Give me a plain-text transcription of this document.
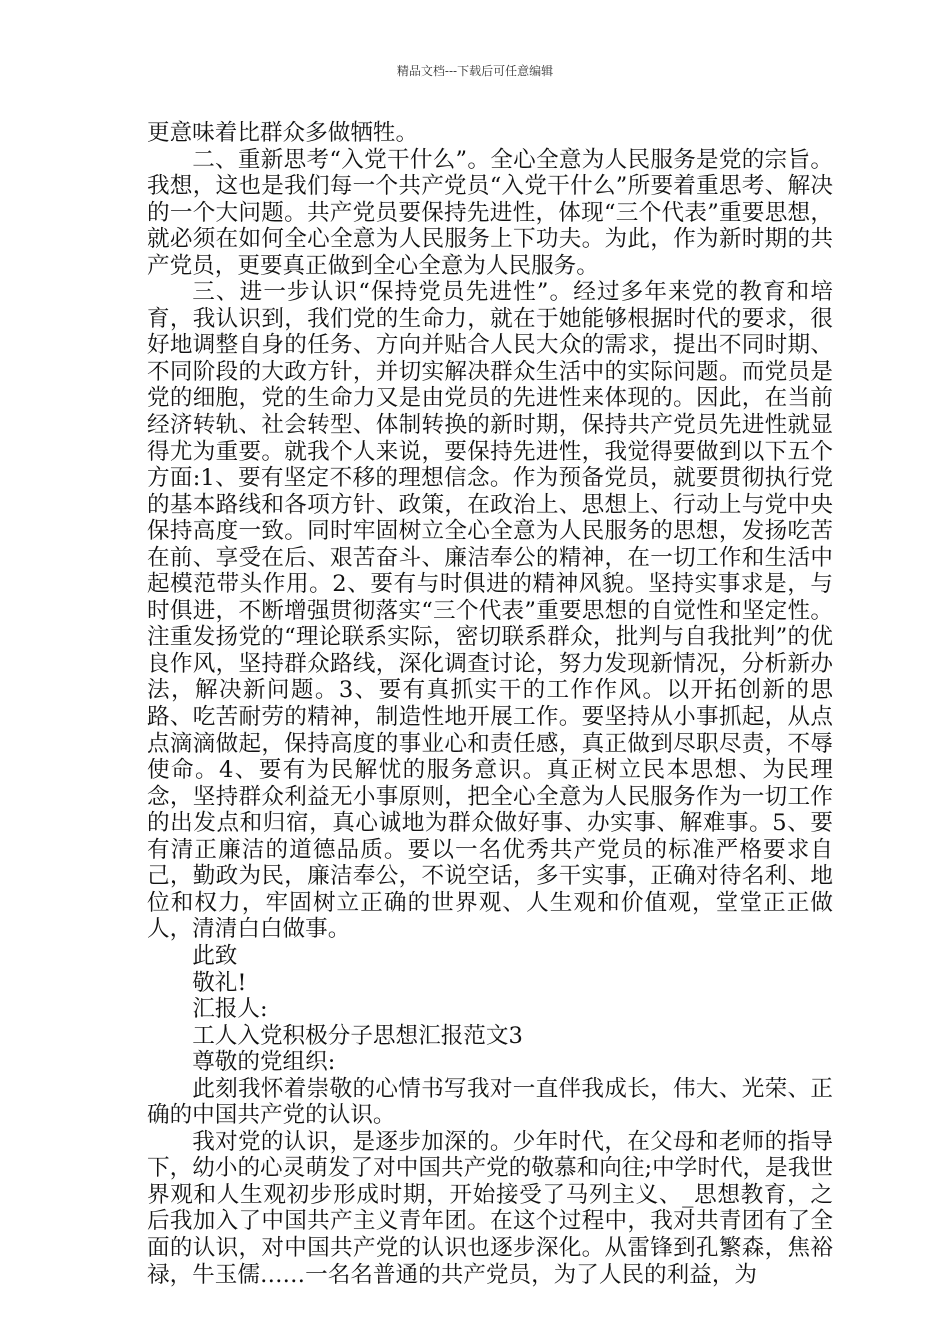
精品文档---下载后可任意编辑

更意味着比群众多做牺牲。

二、重新思考“入党干什么”。全心全意为人民服务是党的宗旨。我想，这也是我们每一个共产党员“入党干什么”所要着重思考、解决的一个大问题。共产党员要保持先进性，体现“三个代表”重要思想，就必须在如何全心全意为人民服务上下功夫。为此，作为新时期的共产党员，更要真正做到全心全意为人民服务。

三、进一步认识“保持党员先进性”。经过多年来党的教育和培育，我认识到，我们党的生命力，就在于她能够根据时代的要求，很好地调整自身的任务、方向并贴合人民大众的需求，提出不同时期、不同阶段的大政方针，并切实解决群众生活中的实际问题。而党员是党的细胞，党的生命力又是由党员的先进性来体现的。因此，在当前经济转轨、社会转型、体制转换的新时期，保持共产党员先进性就显得尤为重要。就我个人来说，要保持先进性，我觉得要做到以下五个方面:1、要有坚定不移的理想信念。作为预备党员，就要贯彻执行党的基本路线和各项方针、政策，在政治上、思想上、行动上与党中央保持高度一致。同时牢固树立全心全意为人民服务的思想，发扬吃苦在前、享受在后、艰苦奋斗、廉洁奉公的精神，在一切工作和生活中起模范带头作用。2、要有与时俱进的精神风貌。坚持实事求是，与时俱进，不断增强贯彻落实“三个代表”重要思想的自觉性和坚定性。注重发扬党的“理论联系实际，密切联系群众，批判与自我批判”的优良作风，坚持群众路线，深化调查讨论，努力发现新情况，分析新办法，解决新问题。3、要有真抓实干的工作作风。以开拓创新的思路、吃苦耐劳的精神，制造性地开展工作。要坚持从小事抓起，从点点滴滴做起，保持高度的事业心和责任感，真正做到尽职尽责，不辱使命。4、要有为民解忧的服务意识。真正树立民本思想、为民理念，坚持群众利益无小事原则，把全心全意为人民服务作为一切工作的出发点和归宿，真心诚地为群众做好事、办实事、解难事。5、要有清正廉洁的道德品质。要以一名优秀共产党员的标准严格要求自己，勤政为民，廉洁奉公，不说空话，多干实事，正确对待名利、地位和权力，牢固树立正确的世界观、人生观和价值观，堂堂正正做人，清清白白做事。

此致

敬礼!

汇报人:

工人入党积极分子思想汇报范文3

尊敬的党组织:

此刻我怀着崇敬的心情书写我对一直伴我成长，伟大、光荣、正确的中国共产党的认识。

我对党的认识，是逐步加深的。少年时代，在父母和老师的指导下，幼小的心灵萌发了对中国共产党的敬慕和向往;中学时代，是我世界观和人生观初步形成时期，开始接受了马列主义、_思想教育，之后我加入了中国共产主义青年团。在这个过程中，我对共青团有了全面的认识，对中国共产党的认识也逐步深化。从雷锋到孔繁森，焦裕禄，牛玉儒……一名名普通的共产党员，为了人民的利益，为
